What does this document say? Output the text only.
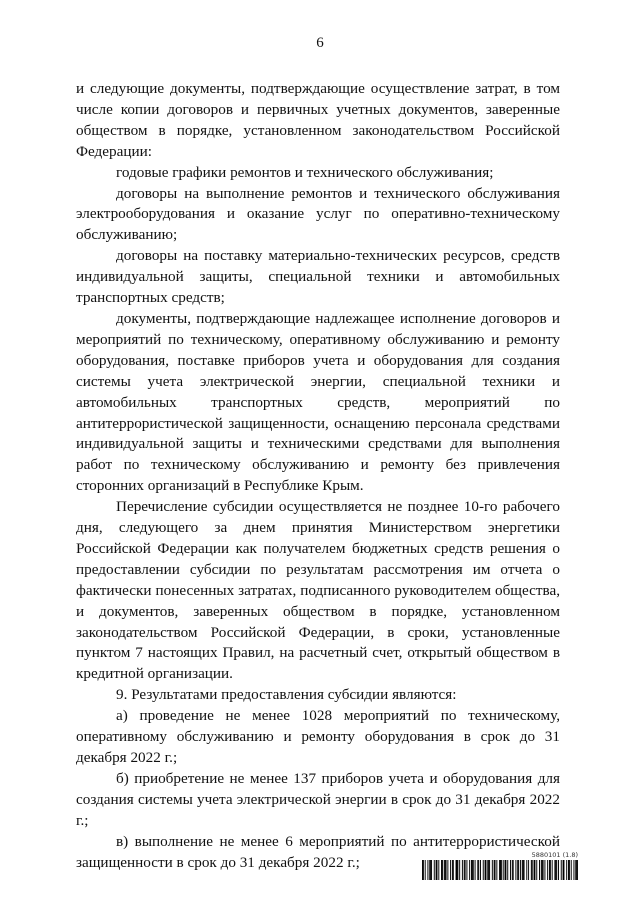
6

и следующие документы, подтверждающие осуществление затрат, в том числе копии договоров и первичных учетных документов, заверенные обществом в порядке, установленном законодательством Российской Федерации:

годовые графики ремонтов и технического обслуживания;

договоры на выполнение ремонтов и технического обслуживания электрооборудования и оказание услуг по оперативно-техническому обслуживанию;

договоры на поставку материально-технических ресурсов, средств индивидуальной защиты, специальной техники и автомобильных транспортных средств;

документы, подтверждающие надлежащее исполнение договоров и мероприятий по техническому, оперативному обслуживанию и ремонту оборудования, поставке приборов учета и оборудования для создания системы учета электрической энергии, специальной техники и автомобильных транспортных средств, мероприятий по антитеррористической защищенности, оснащению персонала средствами индивидуальной защиты и техническими средствами для выполнения работ по техническому обслуживанию и ремонту без привлечения сторонних организаций в Республике Крым.

Перечисление субсидии осуществляется не позднее 10-го рабочего дня, следующего за днем принятия Министерством энергетики Российской Федерации как получателем бюджетных средств решения о предоставлении субсидии по результатам рассмотрения им отчета о фактически понесенных затратах, подписанного руководителем общества, и документов, заверенных обществом в порядке, установленном законодательством Российской Федерации, в сроки, установленные пунктом 7 настоящих Правил, на расчетный счет, открытый обществом в кредитной организации.

9. Результатами предоставления субсидии являются:

а) проведение не менее 1028 мероприятий по техническому, оперативному обслуживанию и ремонту оборудования в срок до 31 декабря 2022 г.;

б) приобретение не менее 137 приборов учета и оборудования для создания системы учета электрической энергии в срок до 31 декабря 2022 г.;

в) выполнение не менее 6 мероприятий по антитеррористической защищенности в срок до 31 декабря 2022 г.;	5880101 (1.8)
